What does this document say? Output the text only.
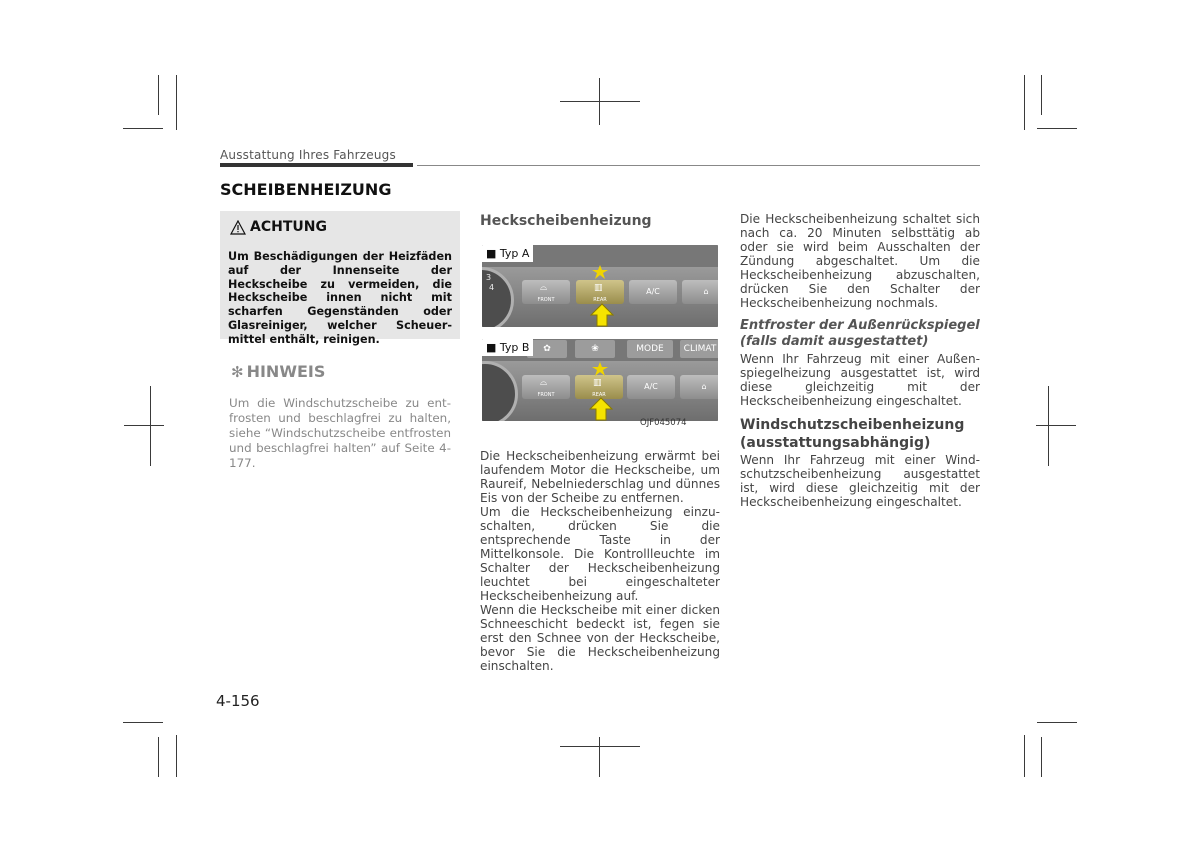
Ausstattung Ihres Fahrzeugs
SCHEIBENHEIZUNG
ACHTUNG
Um Beschädigungen der Heizfäden auf der Innenseite der Heckscheibe zu vermeiden, die Heckscheibe innen nicht mit scharfen Gegenständen oder Glasreiniger, welcher Scheuermittel enthält, reinigen.
✻ HINWEIS
Um die Windschutzscheibe zu entfrosten und beschlagfrei zu halten, siehe “Windschutzscheibe entfrosten und beschlagfrei halten” auf Seite 4-177.
Heckscheibenheizung
3
4	⌓
FRONT
▥
REAR
A/C	⌂
■ Typ A
✿	❀	MODE	CLIMAT
⌓
FRONT
▥
REAR
A/C	⌂
■ Typ B
OJF045074

Die Heckscheibenheizung erwärmt bei laufendem Motor die Heckscheibe, um Raureif, Nebelniederschlag und dünnes Eis von der Scheibe zu entfernen.

Um die Heckscheibenheizung einzuschalten, drücken Sie die entsprechende Taste in der Mittelkonsole. Die Kontrollleuchte im Schalter der Heckscheibenheizung leuchtet bei eingeschalteter Heckscheibenheizung auf.

Wenn die Heckscheibe mit einer dicken Schneeschicht bedeckt ist, fegen sie erst den Schnee von der Heckscheibe, bevor Sie die Heckscheibenheizung einschalten.

Die Heckscheibenheizung schaltet sich nach ca. 20 Minuten selbsttätig ab oder sie wird beim Ausschalten der Zündung abgeschaltet. Um die Heckscheibenheizung abzuschalten, drücken Sie den Schalter der Heckscheibenheizung nochmals.

Entfroster der Außenrückspiegel
(falls damit ausgestattet)

Wenn Ihr Fahrzeug mit einer Außenspiegelheizung ausgestattet ist, wird diese gleichzeitig mit der Heckscheibenheizung eingeschaltet.

Windschutzscheibenheizung
(ausstattungsabhängig)

Wenn Ihr Fahrzeug mit einer Windschutzscheibenheizung ausgestattet ist, wird diese gleichzeitig mit der Heckscheibenheizung eingeschaltet.

4-156
